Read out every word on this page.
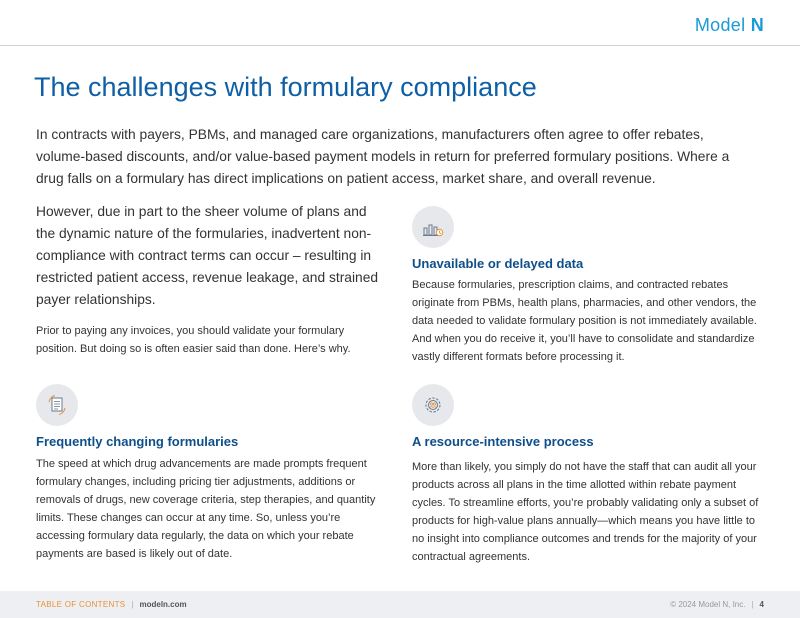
Model N
The challenges with formulary compliance

In contracts with payers, PBMs, and managed care organizations, manufacturers often agree to offer rebates, volume-based discounts, and/or value-based payment models in return for preferred formulary positions. Where a drug falls on a formulary has direct implications on patient access, market share, and overall revenue.

However, due in part to the sheer volume of plans and the dynamic nature of the formularies, inadvertent non-compliance with contract terms can occur – resulting in restricted patient access, revenue leakage, and strained payer relationships.

Prior to paying any invoices, you should validate your formulary position. But doing so is often easier said than done. Here’s why.

Unavailable or delayed data

Because formularies, prescription claims, and contracted rebates originate from PBMs, health plans, pharmacies, and other vendors, the data needed to validate formulary position is not immediately available. And when you do receive it, you’ll have to consolidate and standardize vastly different formats before processing it.

Frequently changing formularies

The speed at which drug advancements are made prompts frequent formulary changes, including pricing tier adjustments, additions or removals of drugs, new coverage criteria, step therapies, and quantity limits. These changes can occur at any time. So, unless you’re accessing formulary data regularly, the data on which your rebate payments are based is likely out of date.

A resource-intensive process

More than likely, you simply do not have the staff that can audit all your products across all plans in the time allotted within rebate payment cycles. To streamline efforts, you’re probably validating only a subset of products for high-value plans annually—which means you have little to no insight into compliance outcomes and trends for the majority of your contractual agreements.

TABLE OF CONTENTS | modeln.com	© 2024 Model N, Inc. | 4
